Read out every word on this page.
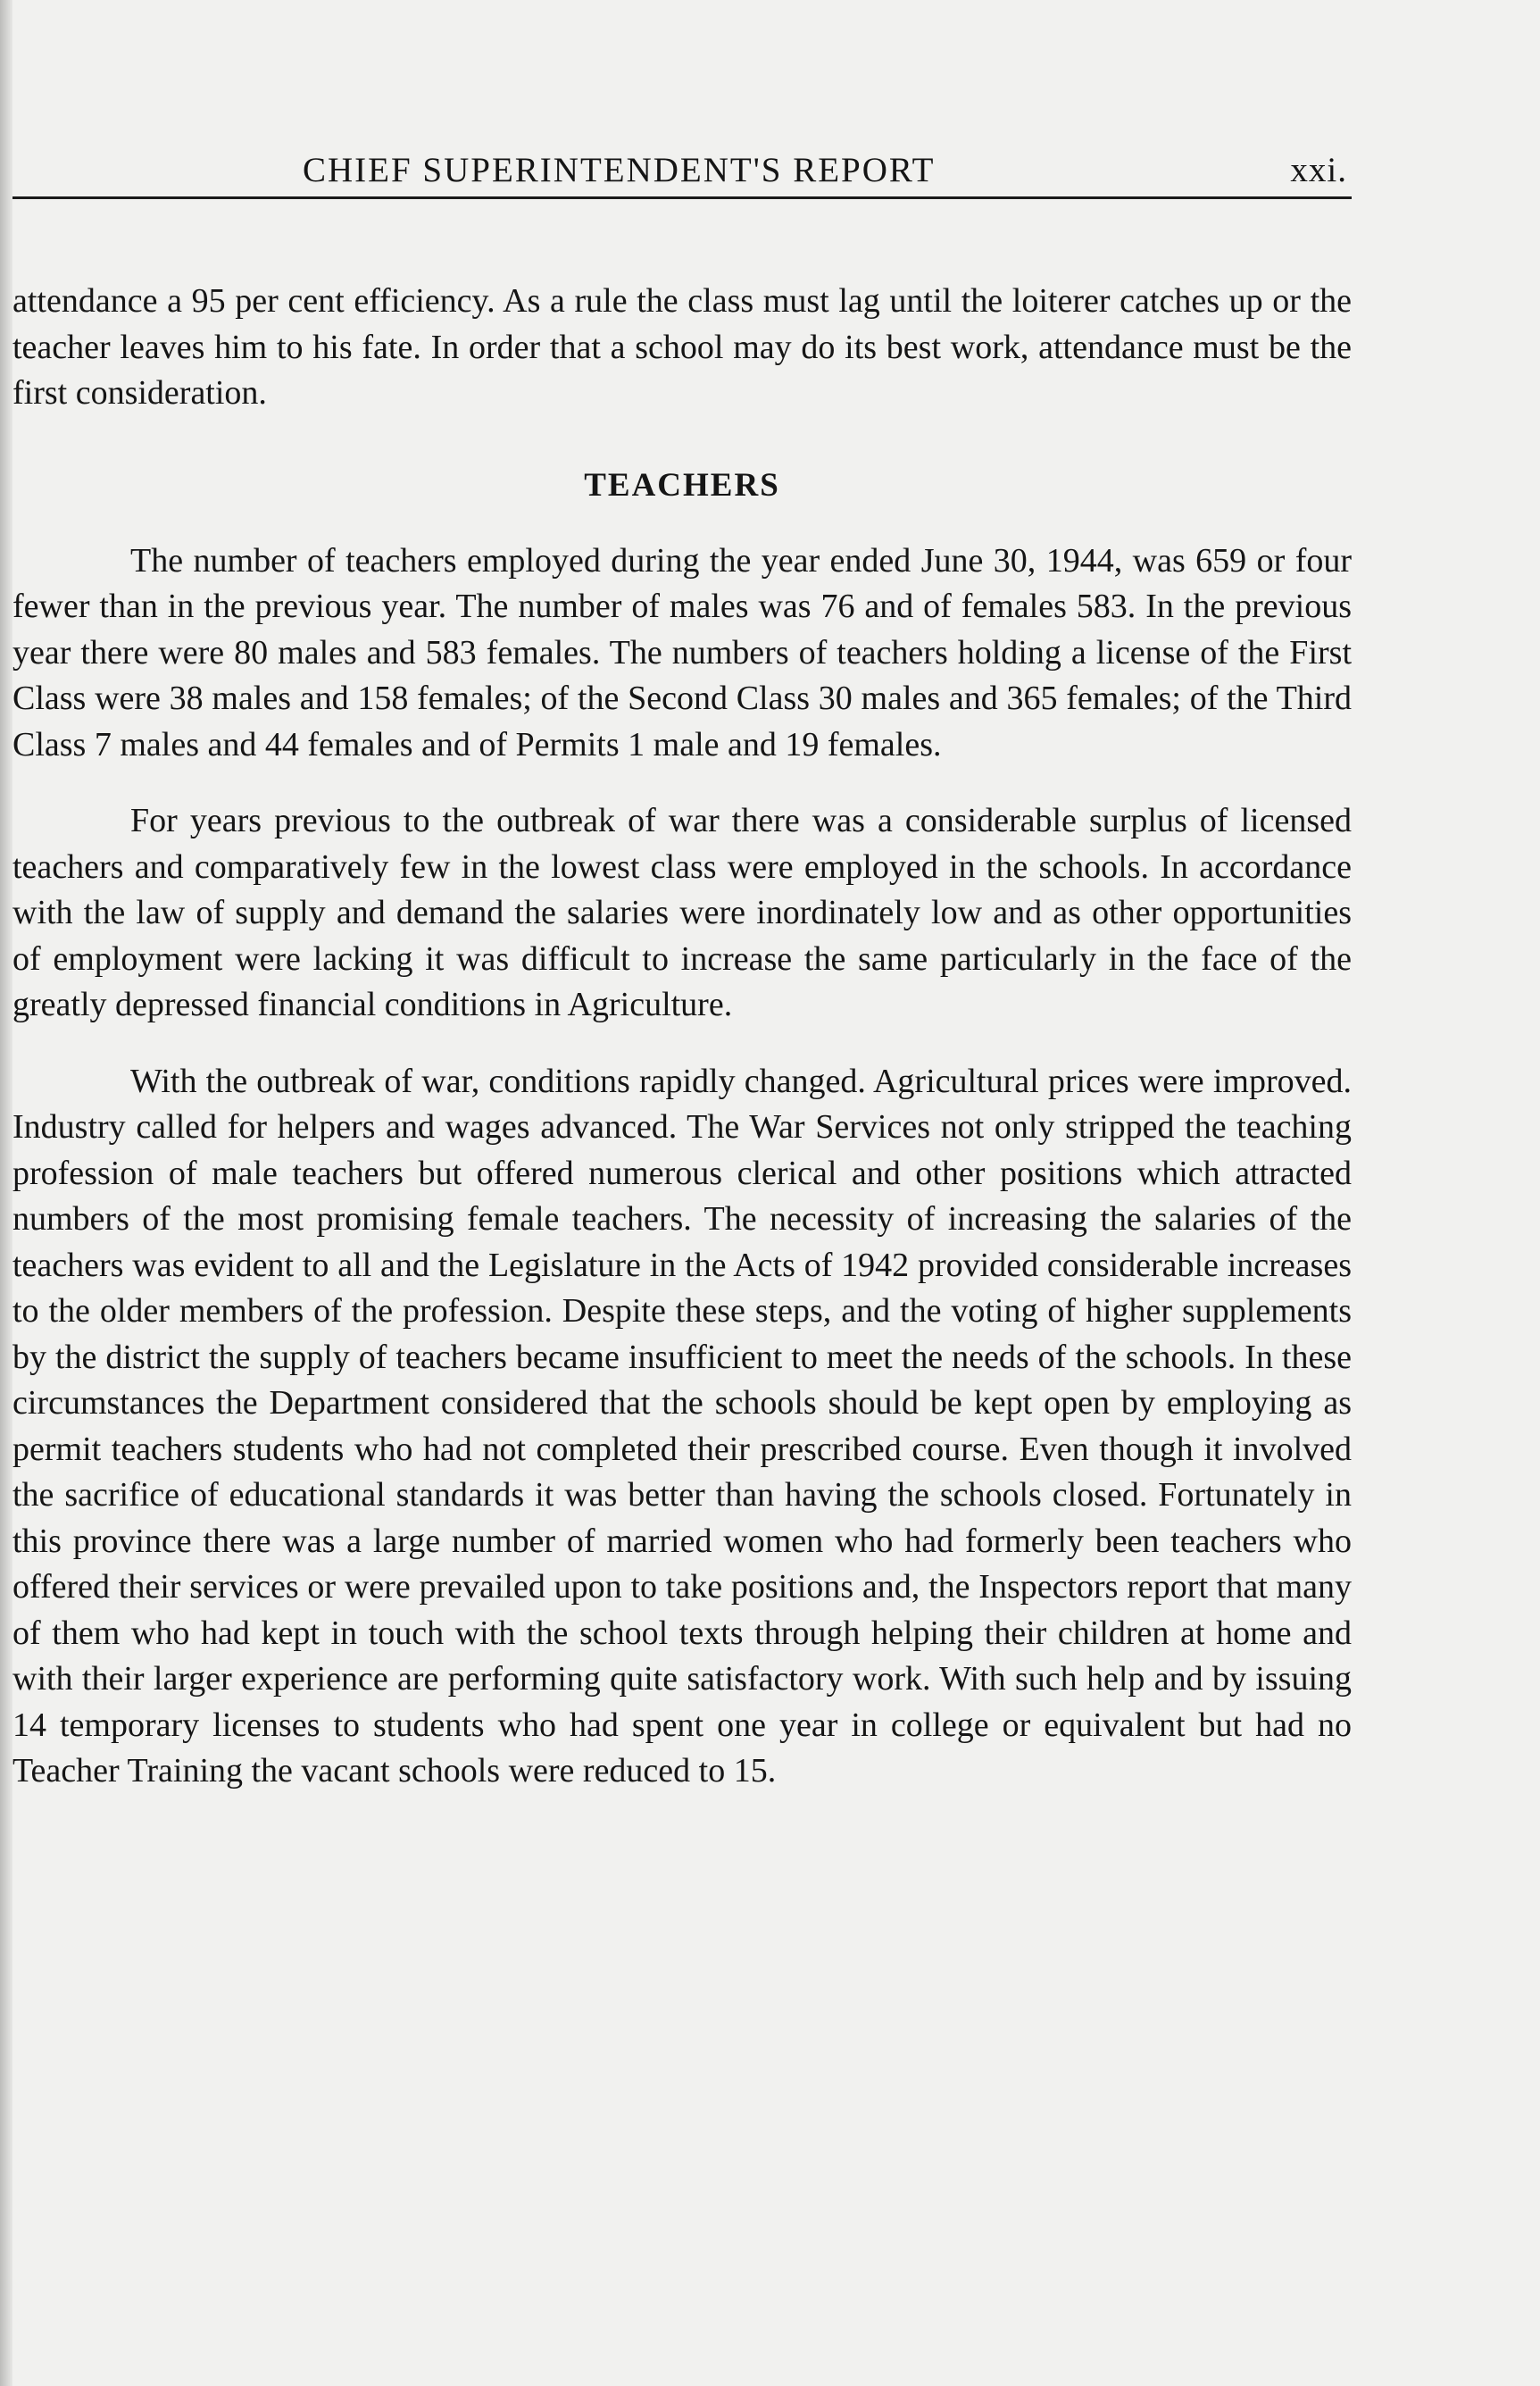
CHIEF SUPERINTENDENT'S REPORT	xxi.

attendance a 95 per cent efficiency. As a rule the class must lag until the loiterer catches up or the teacher leaves him to his fate. In order that a school may do its best work, attendance must be the first consideration.

TEACHERS

The number of teachers employed during the year ended June 30, 1944, was 659 or four fewer than in the previous year. The number of males was 76 and of females 583. In the previous year there were 80 males and 583 females. The numbers of teachers holding a license of the First Class were 38 males and 158 females; of the Second Class 30 males and 365 females; of the Third Class 7 males and 44 females and of Permits 1 male and 19 females.

For years previous to the outbreak of war there was a considerable surplus of licensed teachers and comparatively few in the lowest class were employed in the schools. In accordance with the law of supply and demand the salaries were inordinately low and as other opportunities of employment were lacking it was difficult to increase the same particularly in the face of the greatly depressed financial conditions in Agriculture.

With the outbreak of war, conditions rapidly changed. Agricultural prices were improved. Industry called for helpers and wages advanced. The War Services not only stripped the teaching profession of male teachers but offered numerous clerical and other positions which attracted numbers of the most promising female teachers. The necessity of increasing the salaries of the teachers was evident to all and the Legislature in the Acts of 1942 provided considerable increases to the older members of the profession. Despite these steps, and the voting of higher supplements by the district the supply of teachers became insufficient to meet the needs of the schools. In these circumstances the Department considered that the schools should be kept open by employing as permit teachers students who had not completed their prescribed course. Even though it involved the sacrifice of educational standards it was better than having the schools closed. Fortunately in this province there was a large number of married women who had formerly been teachers who offered their services or were prevailed upon to take positions and, the Inspectors report that many of them who had kept in touch with the school texts through helping their children at home and with their larger experience are performing quite satisfactory work. With such help and by issuing 14 temporary licenses to students who had spent one year in college or equivalent but had no Teacher Training the vacant schools were reduced to 15.
